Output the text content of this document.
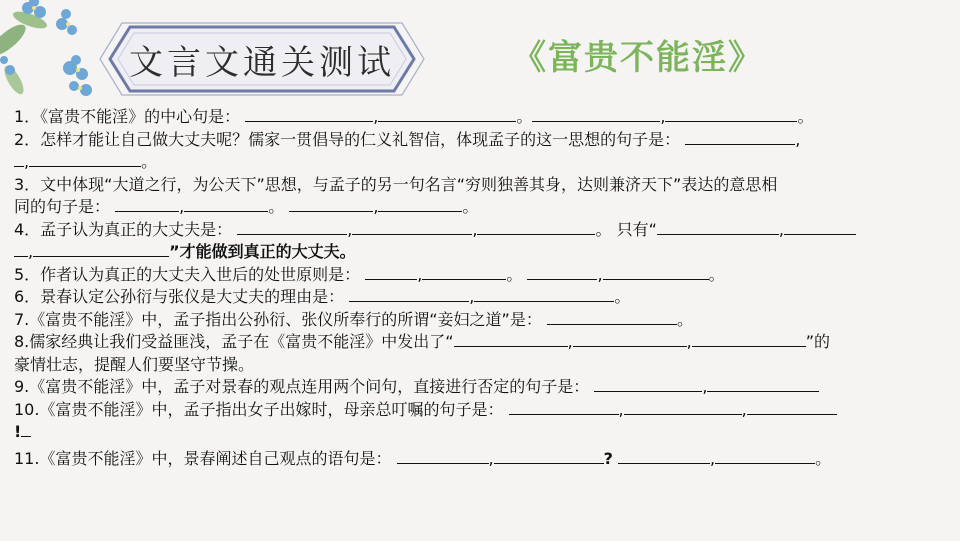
文言文通关测试	《富贵不能淫》
1．《富贵不能淫》的中心句是：	,	。	,	。
2．怎样才能让自己做大丈夫呢？儒家一贯倡导的仁义礼智信，体现孟子的这一思想的句子是：	,
,	。
3．文中体现“大道之行，为公天下”思想，与孟子的另一句名言“穷则独善其身，达则兼济天下”表达的意思相
同的句子是：	,	。	,	。
4．孟子认为真正的大丈夫是：	,	,	。 只有“	,
,	”才能做到真正的大丈夫。
5．作者认为真正的大丈夫入世后的处世原则是：	,	。	,	。
6．景春认定公孙衍与张仪是大丈夫的理由是：	,	。
7.《富贵不能淫》中，孟子指出公孙衍、张仪所奉行的所谓“妾妇之道”是：	。
8.儒家经典让我们受益匪浅，孟子在《富贵不能淫》中发出了“	,	,	”的
豪情壮志，提醒人们要坚守节操。
9.《富贵不能淫》中，孟子对景春的观点连用两个问句，直接进行否定的句子是：	,
10.《富贵不能淫》中，孟子指出女子出嫁时，母亲总叮嘱的句子是：	,	,
!
11.《富贵不能淫》中，景春阐述自己观点的语句是：	,	?	,	。
